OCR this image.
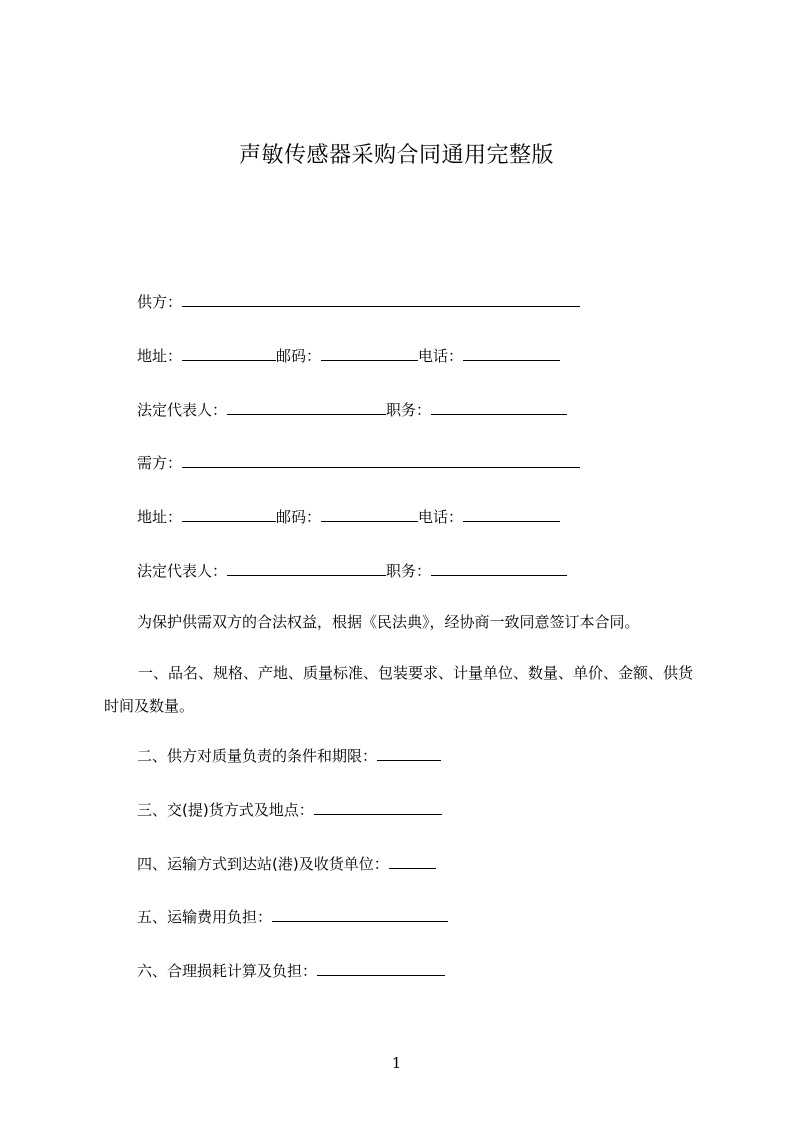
声敏传感器采购合同通用完整版
供方：
地址：	邮码：	电话：
法定代表人：	职务：
需方：
地址：	邮码：	电话：
法定代表人：	职务：
为保护供需双方的合法权益，根据《民法典》，经协商一致同意签订本合同。
一、品名、规格、产地、质量标准、包装要求、计量单位、数量、单价、金额、供货时间及数量。
二、供方对质量负责的条件和期限：
三、交(提)货方式及地点：
四、运输方式到达站(港)及收货单位：
五、运输费用负担：
六、合理损耗计算及负担：
1
